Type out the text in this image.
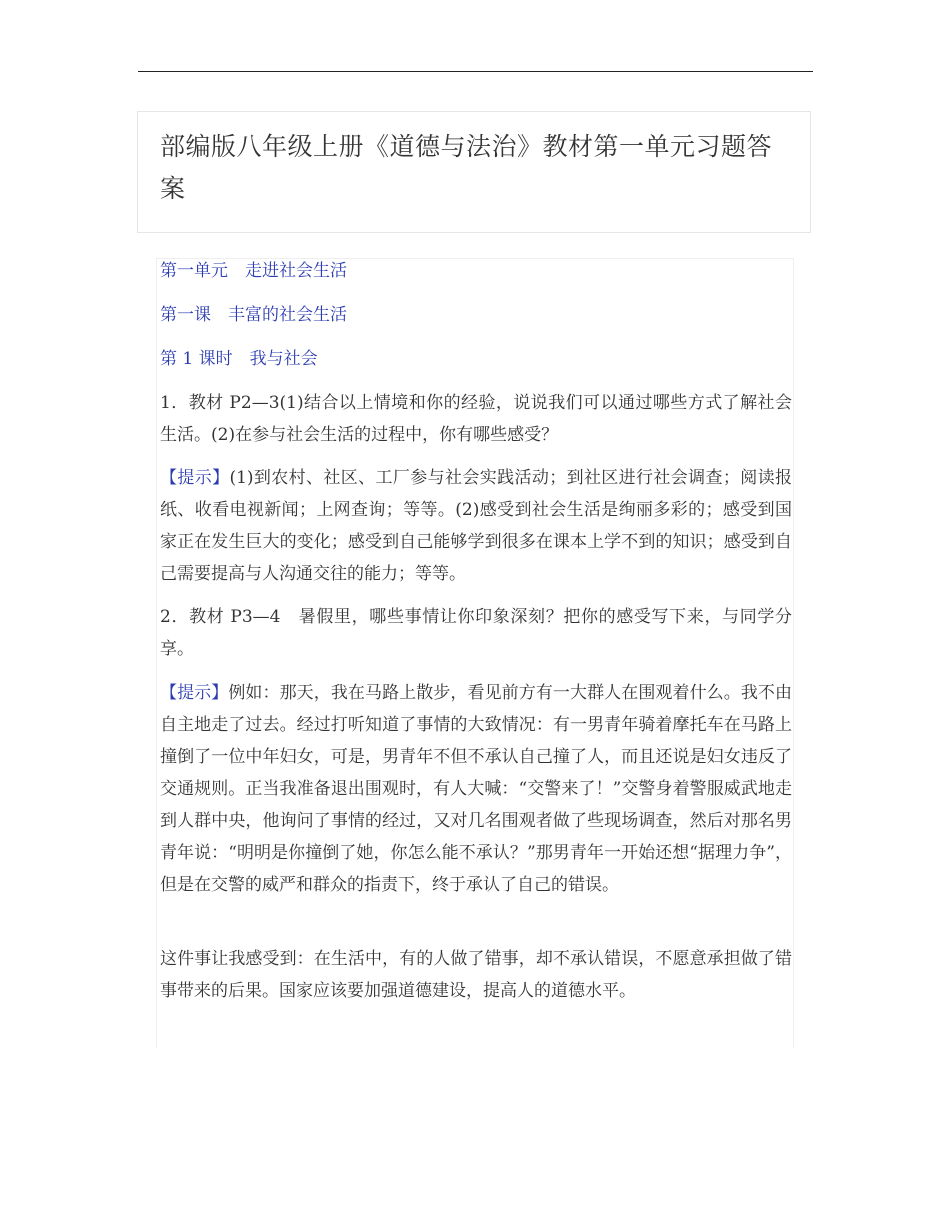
部编版八年级上册《道德与法治》教材第一单元习题答案

第一单元　走进社会生活

第一课　丰富的社会生活

第 1 课时　我与社会

1．教材 P2—3(1)结合以上情境和你的经验，说说我们可以通过哪些方式了解社会生活。(2)在参与社会生活的过程中，你有哪些感受？

【提示】(1)到农村、社区、工厂参与社会实践活动；到社区进行社会调查；阅读报纸、收看电视新闻；上网查询；等等。(2)感受到社会生活是绚丽多彩的；感受到国家正在发生巨大的变化；感受到自己能够学到很多在课本上学不到的知识；感受到自己需要提高与人沟通交往的能力；等等。

2．教材 P3—4　暑假里，哪些事情让你印象深刻？把你的感受写下来，与同学分享。

【提示】例如：那天，我在马路上散步，看见前方有一大群人在围观着什么。我不由自主地走了过去。经过打听知道了事情的大致情况：有一男青年骑着摩托车在马路上撞倒了一位中年妇女，可是，男青年不但不承认自己撞了人，而且还说是妇女违反了交通规则。正当我准备退出围观时，有人大喊：“交警来了！”交警身着警服威武地走到人群中央，他询问了事情的经过，又对几名围观者做了些现场调查，然后对那名男青年说：“明明是你撞倒了她，你怎么能不承认？”那男青年一开始还想“据理力争”，但是在交警的威严和群众的指责下，终于承认了自己的错误。

这件事让我感受到：在生活中，有的人做了错事，却不承认错误，不愿意承担做了错事带来的后果。国家应该要加强道德建设，提高人的道德水平。
